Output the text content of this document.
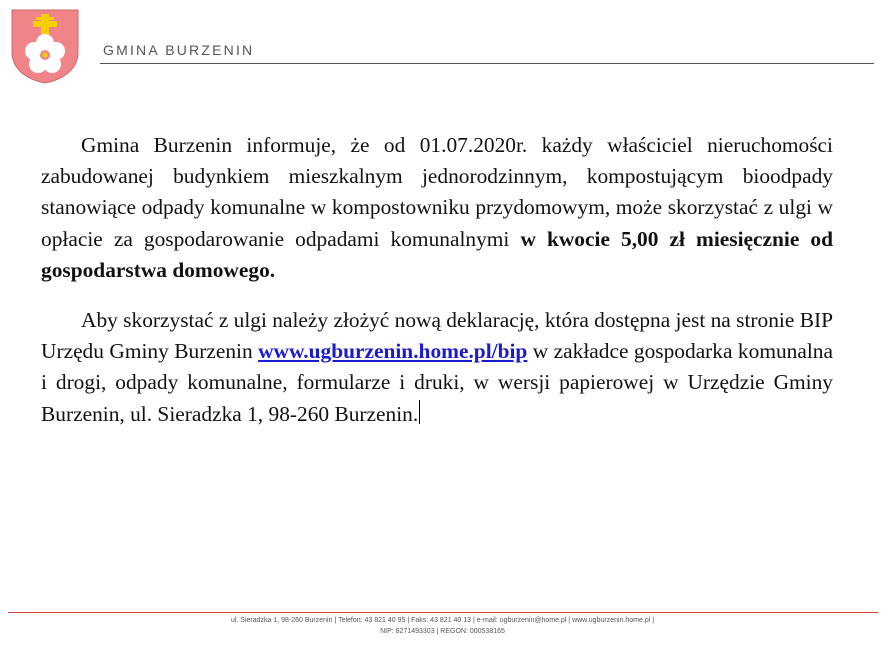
GMINA BURZENIN

Gmina Burzenin informuje, że od 01.07.2020r. każdy właściciel nieruchomości zabudowanej budynkiem mieszkalnym jednorodzinnym, kompostującym bioodpady stanowiące odpady komunalne w kompostowniku przydomowym, może skorzystać z ulgi w opłacie za gospodarowanie odpadami komunalnymi w kwocie 5,00 zł miesięcznie od gospodarstwa domowego.

Aby skorzystać z ulgi należy złożyć nową deklarację, która dostępna jest na stronie BIP Urzędu Gminy Burzenin www.ugburzenin.home.pl/bip w zakładce gospodarka komunalna i drogi, odpady komunalne, formularze i druki, w wersji papierowej w Urzędzie Gminy Burzenin, ul. Sieradzka 1, 98-260 Burzenin.

ul. Sieradzka 1, 98-260 Burzenin | Telefon: 43 821 40 95 | Faks: 43 821 40 13 | e-mail: ugburzenin@home.pl | www.ugburzenin.home.pl |
NIP: 8271493303 | REGON: 000538165
